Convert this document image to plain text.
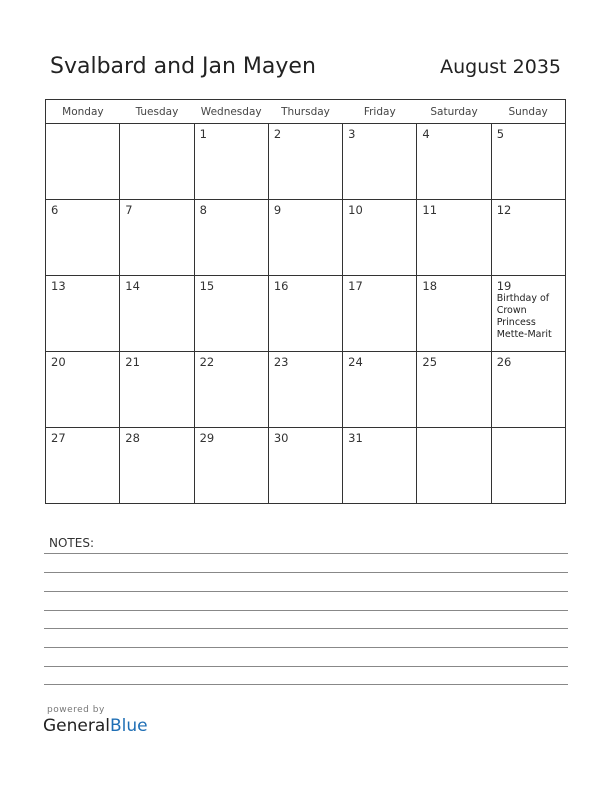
Svalbard and Jan Mayen	August 2035
Monday	Tuesday	Wednesday	Thursday	Friday	Saturday	Sunday

		1	2	3	4	5

6	7	8	9	10	11	12

13	14	15	16	17	18	19
Birthday of Crown Princess Mette-Marit

20	21	22	23	24	25	26

27	28	29	30	31		

NOTES:
powered by
GeneralBlue
